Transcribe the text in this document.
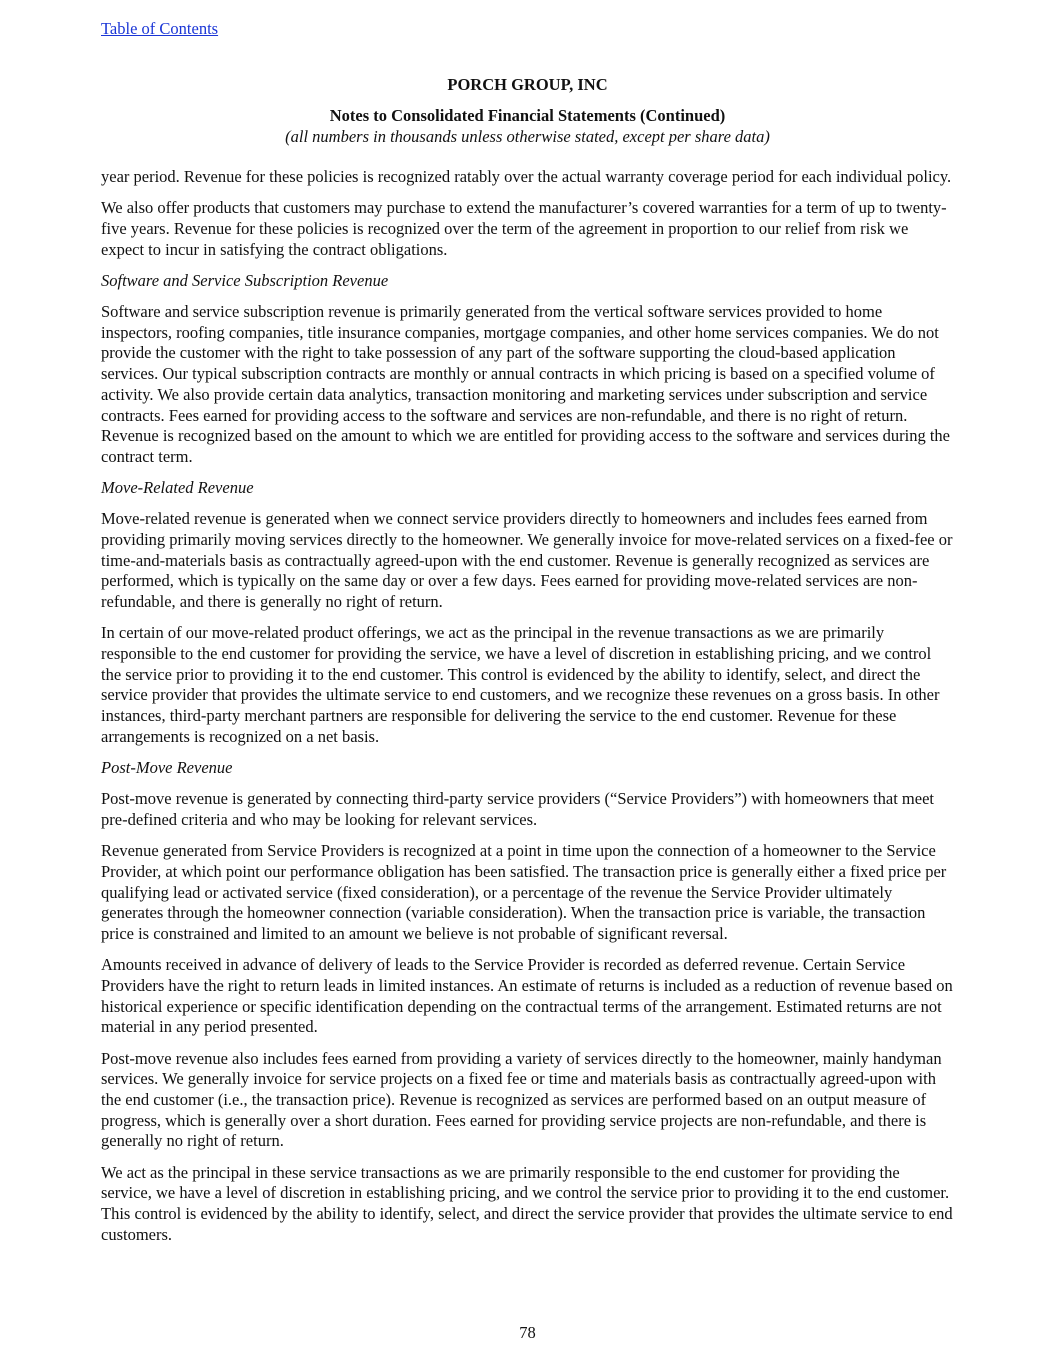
Table of Contents
PORCH GROUP, INC
Notes to Consolidated Financial Statements (Continued)
(all numbers in thousands unless otherwise stated, except per share data)

year period. Revenue for these policies is recognized ratably over the actual warranty coverage period for each individual policy.

We also offer products that customers may purchase to extend the manufacturer’s covered warranties for a term of up to twenty-five years. Revenue for these policies is recognized over the term of the agreement in proportion to our relief from risk we expect to incur in satisfying the contract obligations.

Software and Service Subscription Revenue

Software and service subscription revenue is primarily generated from the vertical software services provided to home inspectors, roofing companies, title insurance companies, mortgage companies, and other home services companies. We do not provide the customer with the right to take possession of any part of the software supporting the cloud-based application services. Our typical subscription contracts are monthly or annual contracts in which pricing is based on a specified volume of activity. We also provide certain data analytics, transaction monitoring and marketing services under subscription and service contracts. Fees earned for providing access to the software and services are non-refundable, and there is no right of return. Revenue is recognized based on the amount to which we are entitled for providing access to the software and services during the contract term.

Move-Related Revenue

Move-related revenue is generated when we connect service providers directly to homeowners and includes fees earned from providing primarily moving services directly to the homeowner. We generally invoice for move-related services on a fixed-fee or time-and-materials basis as contractually agreed-upon with the end customer. Revenue is generally recognized as services are performed, which is typically on the same day or over a few days. Fees earned for providing move-related services are non-refundable, and there is generally no right of return.

In certain of our move-related product offerings, we act as the principal in the revenue transactions as we are primarily responsible to the end customer for providing the service, we have a level of discretion in establishing pricing, and we control the service prior to providing it to the end customer. This control is evidenced by the ability to identify, select, and direct the service provider that provides the ultimate service to end customers, and we recognize these revenues on a gross basis. In other instances, third-party merchant partners are responsible for delivering the service to the end customer. Revenue for these arrangements is recognized on a net basis.

Post-Move Revenue

Post-move revenue is generated by connecting third-party service providers (“Service Providers”) with homeowners that meet pre-defined criteria and who may be looking for relevant services.

Revenue generated from Service Providers is recognized at a point in time upon the connection of a homeowner to the Service Provider, at which point our performance obligation has been satisfied. The transaction price is generally either a fixed price per qualifying lead or activated service (fixed consideration), or a percentage of the revenue the Service Provider ultimately generates through the homeowner connection (variable consideration). When the transaction price is variable, the transaction price is constrained and limited to an amount we believe is not probable of significant reversal.

Amounts received in advance of delivery of leads to the Service Provider is recorded as deferred revenue. Certain Service Providers have the right to return leads in limited instances. An estimate of returns is included as a reduction of revenue based on historical experience or specific identification depending on the contractual terms of the arrangement. Estimated returns are not material in any period presented.

Post-move revenue also includes fees earned from providing a variety of services directly to the homeowner, mainly handyman services. We generally invoice for service projects on a fixed fee or time and materials basis as contractually agreed-upon with the end customer (i.e., the transaction price). Revenue is recognized as services are performed based on an output measure of progress, which is generally over a short duration. Fees earned for providing service projects are non-refundable, and there is generally no right of return.

We act as the principal in these service transactions as we are primarily responsible to the end customer for providing the service, we have a level of discretion in establishing pricing, and we control the service prior to providing it to the end customer. This control is evidenced by the ability to identify, select, and direct the service provider that provides the ultimate service to end customers.

78
